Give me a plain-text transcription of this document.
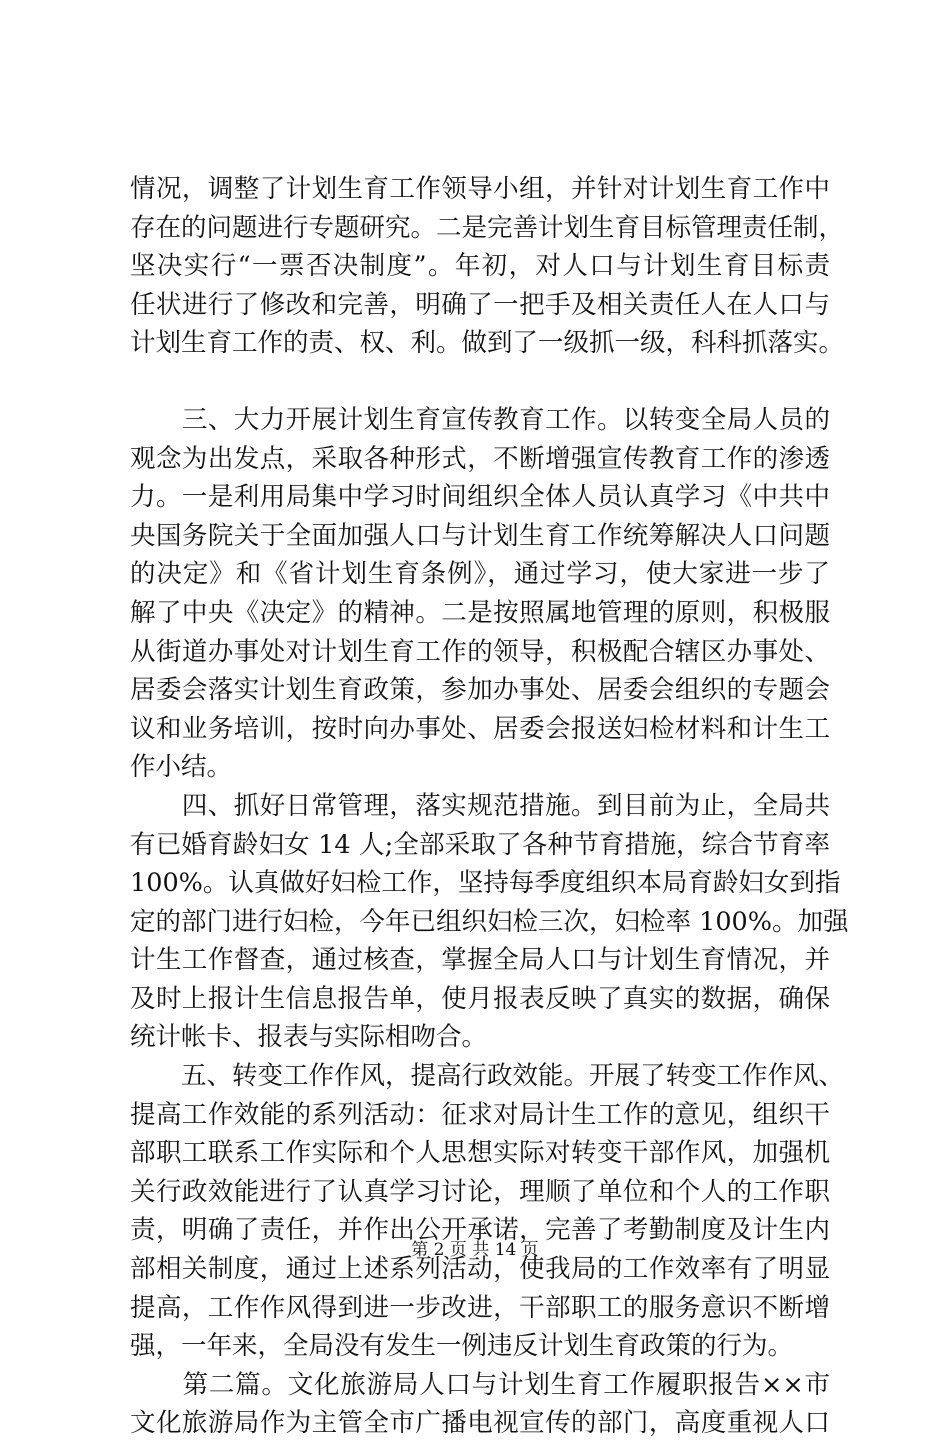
情况，调整了计划生育工作领导小组，并针对计划生育工作中
存在的问题进行专题研究。二是完善计划生育目标管理责任制，
坚决实行“一票否决制度”。年初，对人口与计划生育目标责
任状进行了修改和完善，明确了一把手及相关责任人在人口与
计划生育工作的责、权、利。做到了一级抓一级，科科抓落实。
　　三、大力开展计划生育宣传教育工作。以转变全局人员的
观念为出发点，采取各种形式，不断增强宣传教育工作的渗透
力。一是利用局集中学习时间组织全体人员认真学习《中共中
央国务院关于全面加强人口与计划生育工作统筹解决人口问题
的决定》和《省计划生育条例》，通过学习，使大家进一步了
解了中央《决定》的精神。二是按照属地管理的原则，积极服
从街道办事处对计划生育工作的领导，积极配合辖区办事处、
居委会落实计划生育政策，参加办事处、居委会组织的专题会
议和业务培训，按时向办事处、居委会报送妇检材料和计生工
作小结。
　　四、抓好日常管理，落实规范措施。到目前为止，全局共
有已婚育龄妇女 14 人;全部采取了各种节育措施，综合节育率
100%。认真做好妇检工作，坚持每季度组织本局育龄妇女到指
定的部门进行妇检，今年已组织妇检三次，妇检率 100%。加强
计生工作督查，通过核查，掌握全局人口与计划生育情况，并
及时上报计生信息报告单，使月报表反映了真实的数据，确保
统计帐卡、报表与实际相吻合。
　　五、转变工作作风，提高行政效能。开展了转变工作作风、
提高工作效能的系列活动：征求对局计生工作的意见，组织干
部职工联系工作实际和个人思想实际对转变干部作风，加强机
关行政效能进行了认真学习讨论，理顺了单位和个人的工作职
责，明确了责任，并作出公开承诺，完善了考勤制度及计生内
部相关制度，通过上述系列活动，使我局的工作效率有了明显
提高，工作作风得到进一步改进，干部职工的服务意识不断增
强，一年来，全局没有发生一例违反计划生育政策的行为。
　　第二篇。文化旅游局人口与计划生育工作履职报告××市
文化旅游局作为主管全市广播电视宣传的部门，高度重视人口
第 2 页 共 14 页
